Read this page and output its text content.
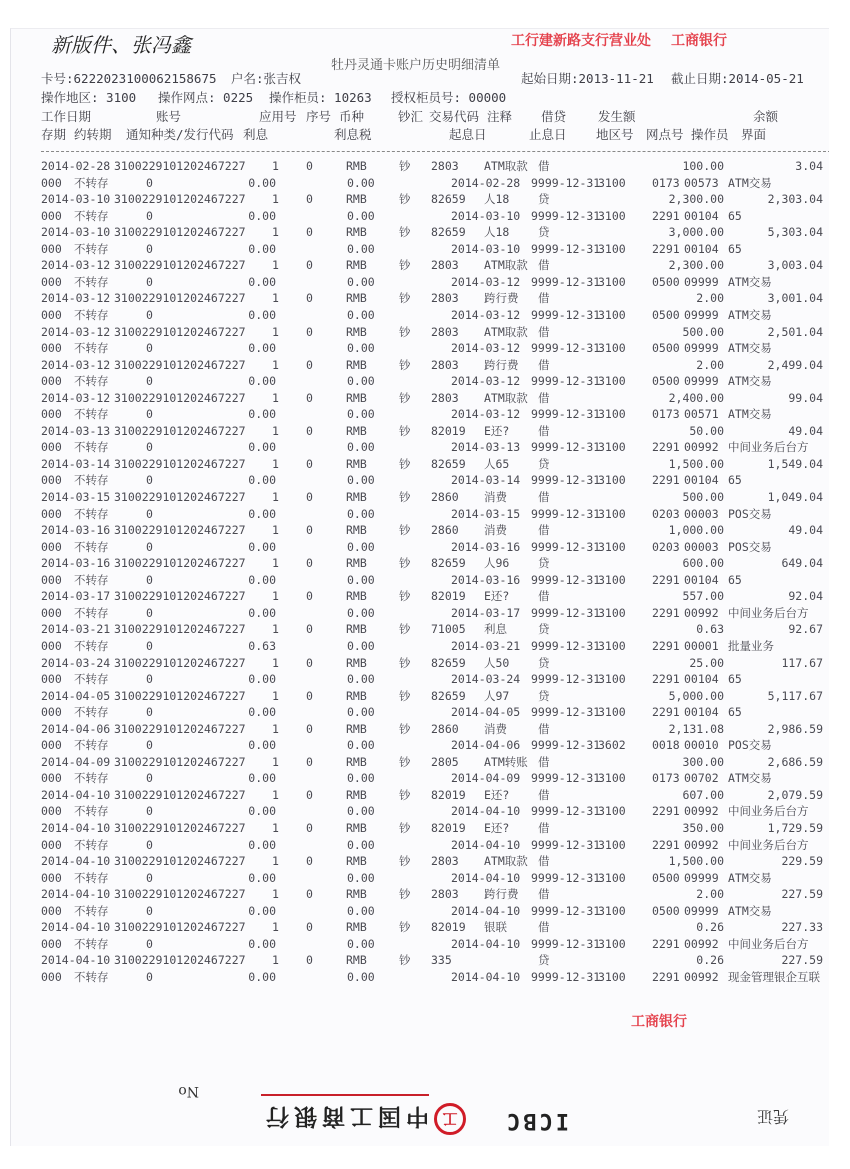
新版件、张冯鑫
牡丹灵通卡账户历史明细清单
工商银行
工行建新路支行营业处
工商银行
卡号:6222023100062158675 户名:张吉权	起始日期:2013-11-21 截止日期:2014-05-21
操作地区: 3100 操作网点: 0225 操作柜员: 10263 授权柜员号: 00000
工作日期	账号	应用号 序号 币种	钞汇 交易代码 注释 借贷	发生额	余额
存期 约转期 通知种类/发行代码 利息	利息税	起息日	止息日 地区号 网点号 操作员 界面
2014-02-28 310022910120246722​7 1 0	RMB	钞 2803 ATM取款 借	100.00	3.04
000 不转存	0	0.00	0.00	2014-02-28 9999-12-31
3100 0173 00573 ATM交易
2014-03-10 310022910120246722​7 1 0	RMB	钞 82659 人18 贷	2,300.00	2,303.04
000 不转存	0	0.00	0.00	2014-03-10 9999-12-31
3100 2291 00104 65
2014-03-10 310022910120246722​7 1 0	RMB	钞 82659 人18 贷	3,000.00	5,303.04
000 不转存	0	0.00	0.00	2014-03-10 9999-12-31
3100 2291 00104 65
2014-03-12 310022910120246722​7 1 0	RMB	钞 2803 ATM取款 借	2,300.00	3,003.04
000 不转存	0	0.00	0.00	2014-03-12 9999-12-31
3100 0500 09999 ATM交易
2014-03-12 310022910120246722​7 1 0	RMB	钞 2803 跨行费 借	2.00	3,001.04
000 不转存	0	0.00	0.00	2014-03-12 9999-12-31
3100 0500 09999 ATM交易
2014-03-12 310022910120246722​7 1 0	RMB	钞 2803 ATM取款 借	500.00	2,501.04
000 不转存	0	0.00	0.00	2014-03-12 9999-12-31
3100 0500 09999 ATM交易
2014-03-12 310022910120246722​7 1 0	RMB	钞 2803 跨行费 借	2.00	2,499.04
000 不转存	0	0.00	0.00	2014-03-12 9999-12-31
3100 0500 09999 ATM交易
2014-03-12 310022910120246722​7 1 0	RMB	钞 2803 ATM取款 借	2,400.00	99.04
000 不转存	0	0.00	0.00	2014-03-12 9999-12-31
3100 0173 00571 ATM交易
2014-03-13 310022910120246722​7 1 0	RMB	钞 82019 E还? 借	50.00	49.04
000 不转存	0	0.00	0.00	2014-03-13 9999-12-31
3100 2291 00992 中间业务后台方
2014-03-14 310022910120246722​7 1 0	RMB	钞 82659 人65 贷	1,500.00	1,549.04
000 不转存	0	0.00	0.00	2014-03-14 9999-12-31
3100 2291 00104 65
2014-03-15 310022910120246722​7 1 0	RMB	钞 2860 消费	借	500.00	1,049.04
000 不转存	0	0.00	0.00	2014-03-15 9999-12-31
3100 0203 00003 POS交易
2014-03-16 310022910120246722​7 1 0	RMB	钞 2860 消费	借	1,000.00	49.04
000 不转存	0	0.00	0.00	2014-03-16 9999-12-31
3100 0203 00003 POS交易
2014-03-16 310022910120246722​7 1 0	RMB	钞 82659 人96 贷	600.00	649.04
000 不转存	0	0.00	0.00	2014-03-16 9999-12-31
3100 2291 00104 65
2014-03-17 310022910120246722​7 1 0	RMB	钞 82019 E还? 借	557.00	92.04
000 不转存	0	0.00	0.00	2014-03-17 9999-12-31
3100 2291 00992 中间业务后台方
2014-03-21 310022910120246722​7 1 0	RMB	钞 71005 利息	贷	0.63	92.67
000 不转存	0	0.63	0.00	2014-03-21 9999-12-31
3100 2291 00001 批量业务
2014-03-24 310022910120246722​7 1 0	RMB	钞 82659 人50 贷	25.00	117.67
000 不转存	0	0.00	0.00	2014-03-24 9999-12-31
3100 2291 00104 65
2014-04-05 310022910120246722​7 1 0	RMB	钞 82659 人97 贷	5,000.00	5,117.67
000 不转存	0	0.00	0.00	2014-04-05 9999-12-31
3100 2291 00104 65
2014-04-06 310022910120246722​7 1 0	RMB	钞 2860 消费	借	2,131.08	2,986.59
000 不转存	0	0.00	0.00	2014-04-06 9999-12-31
3602 0018 00010 POS交易
2014-04-09 310022910120246722​7 1 0	RMB	钞 2805 ATM转账 借	300.00	2,686.59
000 不转存	0	0.00	0.00	2014-04-09 9999-12-31
3100 0173 00702 ATM交易
2014-04-10 310022910120246722​7 1 0	RMB	钞 82019 E还? 借	607.00	2,079.59
000 不转存	0	0.00	0.00	2014-04-10 9999-12-31
3100 2291 00992 中间业务后台方
2014-04-10 310022910120246722​7 1 0	RMB	钞 82019 E还? 借	350.00	1,729.59
000 不转存	0	0.00	0.00	2014-04-10 9999-12-31
3100 2291 00992 中间业务后台方
2014-04-10 310022910120246722​7 1 0	RMB	钞 2803 ATM取款 借	1,500.00	229.59
000 不转存	0	0.00	0.00	2014-04-10 9999-12-31
3100 0500 09999 ATM交易
2014-04-10 310022910120246722​7 1 0	RMB	钞 2803 跨行费 借	2.00	227.59
000 不转存	0	0.00	0.00	2014-04-10 9999-12-31
3100 0500 09999 ATM交易
2014-04-10 310022910120246722​7 1 0	RMB	钞 82019 银联	借	0.26	227.33
000 不转存	0	0.00	0.00	2014-04-10 9999-12-31
3100 2291 00992 中间业务后台方
2014-04-10 310022910120246722​7 1 0	RMB	钞 335	贷	0.26	227.59
000 不转存	0	0.00	0.00	2014-04-10 9999-12-31
3100 2291 00992 现金管理银企互联
凭证
No
ICBC
工
中国工商银行
